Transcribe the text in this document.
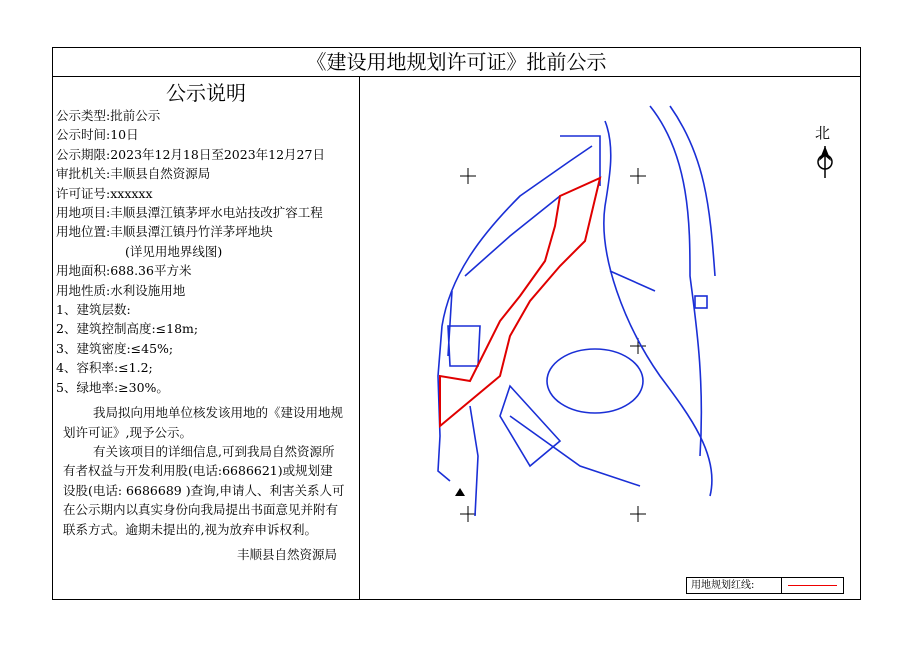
《建设用地规划许可证》批前公示
公示说明
公示类型:批前公示
公示时间:10日
公示期限:2023年12月18日至2023年12月27日
审批机关:丰顺县自然资源局
许可证号:xxxxxx
用地项目:丰顺县潭江镇茅坪水电站技改扩容工程
用地位置:丰顺县潭江镇丹竹洋茅坪地块
(详见用地界线图)
用地面积:688.36平方米
用地性质:水利设施用地
1、建筑层数:
2、建筑控制高度:≤18m;
3、建筑密度:≤45%;
4、容积率:≤1.2;
5、绿地率:≥30%。
我局拟向用地单位核发该用地的《建设用地规划许可证》,现予公示。
有关该项目的详细信息,可到我局自然资源所有者权益与开发利用股(电话:6686621)或规划建设股(电话: 6686689 )查询,申请人、利害关系人可在公示期内以真实身份向我局提出书面意见并附有联系方式。逾期未提出的,视为放弃申诉权利。
丰顺县自然资源局
北
用地规划红线:
